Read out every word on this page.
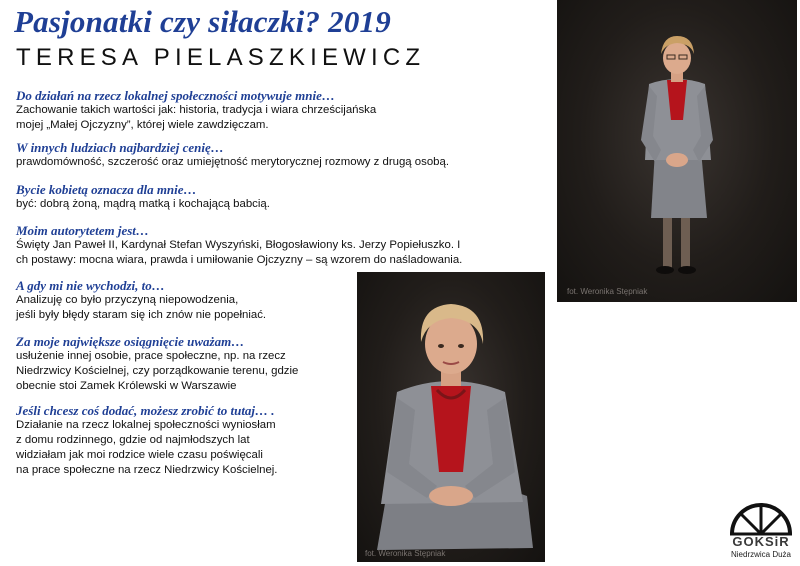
Pasjonatki czy siłaczki? 2019
TERESA PIELASZKIEWICZ
Do działań na rzecz lokalnej społeczności motywuje mnie…
Zachowanie takich wartości jak: historia, tradycja i wiara chrześcijańska
mojej „Małej Ojczyzny”, której wiele zawdzięczam.
W innych ludziach najbardziej cenię…
prawdomówność, szczerość oraz umiejętność merytorycznej rozmowy z drugą osobą.
Bycie kobietą oznacza dla mnie…
być: dobrą żoną, mądrą matką i kochającą babcią.
Moim autorytetem jest…
Święty Jan Paweł II, Kardynał Stefan Wyszyński, Błogosławiony ks. Jerzy Popiełuszko. I
ch postawy: mocna wiara, prawda i umiłowanie Ojczyzny – są wzorem do naśladowania.
A gdy mi nie wychodzi, to…
Analizuję co było przyczyną niepowodzenia,
jeśli były błędy staram się ich znów nie popełniać.
Za moje największe osiągnięcie uważam…
usłużenie innej osobie, prace społeczne, np. na rzecz
Niedrzwicy Kościelnej, czy porządkowanie terenu, gdzie
obecnie stoi Zamek Królewski w Warszawie
Jeśli chcesz coś dodać, możesz zrobić to tutaj… .
Działanie na rzecz lokalnej społeczności wyniosłam
z domu rodzinnego, gdzie od najmłodszych lat
widziałam jak moi rodzice wiele czasu poświęcali
na prace społeczne na rzecz Niedrzwicy Kościelnej.
fot. Weronika Stępniak
fot. Weronika Stępniak
GOKSiR
Niedrzwica Duża
